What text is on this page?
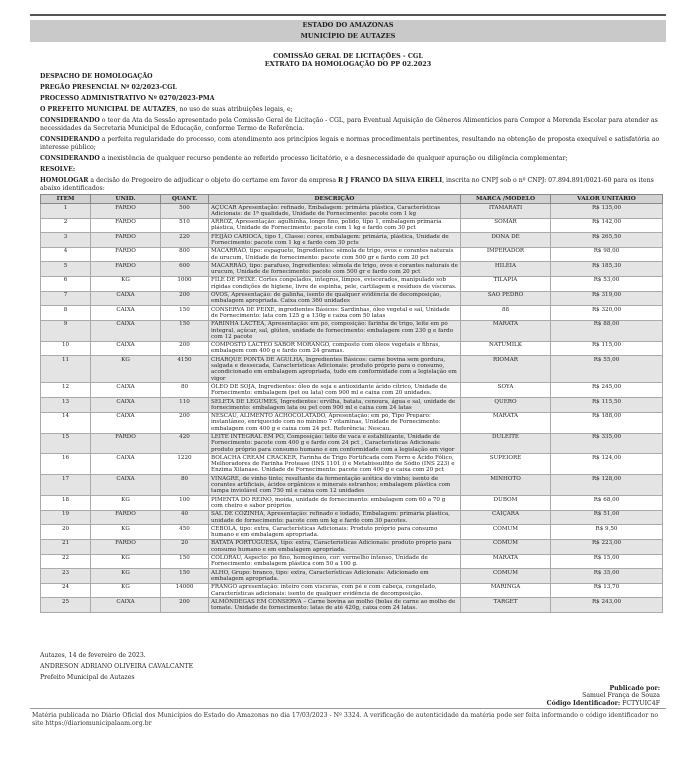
ESTADO DO AMAZONAS
MUNICÍPIO DE AUTAZES
COMISSÃO GERAL DE LICITAÇÕES - CGL
EXTRATO DA HOMOLOGAÇÃO DO PP 02.2023
DESPACHO DE HOMOLOGAÇÃO
PREGÃO PRESENCIAL Nº 02/2023-CGL
PROCESSO ADMINISTRATIVO Nº 0270/2023-PMA
O PREFEITO MUNICIPAL DE AUTAZES, no uso de suas atribuições legais, e;
CONSIDERANDO o teor da Ata da Sessão apresentado pela Comissão Geral de Licitação - CGL, para Eventual Aquisição de Gêneros Alimentícios para Compor a Merenda Escolar para atender as necessidades da Secretaria Municipal de Educação, conforme Termo de Referência.
CONSIDERANDO a perfeita regularidade do processo, com atendimento aos princípios legais e normas procedimentais pertinentes, resultando na obtenção de proposta exequível e satisfatória ao interesse público;
CONSIDERANDO a inexistência de qualquer recurso pendente ao referido processo licitatório, e a desnecessidade de qualquer apuração ou diligência complementar;
RESOLVE:
HOMOLOGAR a decisão do Pregoeiro de adjudicar o objeto do certame em favor da empresa R J FRANCO DA SILVA EIRELI, inscrita no CNPJ sob o nº CNPJ: 07.894.891/0021-60 para os itens abaixo identificados:
ITEM	UNID.	QUANT.	DESCRIÇÃO	MARCA /MODELO	VALOR UNITÁRIO
1	FARDO	500	AÇÚCAR Apresentação: refinado, Embalagem: primária plástica, Características Adicionais: de 1ª qualidade, Unidade de Fornecimento: pacote com 1 kg	ITAMARATI	R$ 135,00
2	FARDO	510	ARROZ, Apresentação: agulhinha, longo fino, polido, tipo 1, embalagem primária plástica, Unidade de Fornecimento: pacote com 1 kg e fardo com 30 pct	SOMAR	R$ 142,00
3	FARDO	220	FEIJÃO CARIOCA, tipo 1, Classe: cores, embalagem: primária, plástica, Unidade de Fornecimento: pacote com 1 kg e fardo com 30 pcts	DONA DÉ	R$ 265,50
4	FARDO	800	MACARRÃO, tipo: espaguete, Ingredientes: sêmola de trigo, ovos e corantes naturais de urucum, Unidade de fornecimento: pacote com 500 gr e fardo com 20 pct	IMPERADOR	R$ 98,00
5	FARDO	600	MACARRÃO, tipo: parafuso, Ingredientes: sêmola de trigo, ovos e corantes naturais de urucum, Unidade de fornecimento: pacote com 500 gr e fardo com 20 pct	HILÉIA	R$ 185,30
6	KG	1000	FILÉ DE PEIXE: Cortes congelados, íntegros, limpos, eviscerados, manipulado sob rígidas condições de higiene, livre de espinha, pele, cartilagem e resíduos de vísceras.	TILÁPIA	R$ 53,00
7	CAIXA	200	OVOS, Apresentação: de galinha, isento de qualquer evidência de decomposição, embalagem apropriada. Caixa com 360 unidades	SÃO PEDRO	R$ 319,00
8	CAIXA	150	CONSERVA DE PEIXE, ingredientes Básicos: Sardinhas, óleo vegetal e sal, Unidade de Fornecimento: lata com 125 g a 130g e caixa com 50 latas	88	R$ 320,00
9	CAIXA	150	FARINHA LÁCTEA, Apresentação: em pó, composição: farinha de trigo, leite em pó integral, açúcar, sal, glúten, unidade de fornecimento: embalagem com 230 g e fardo com 12 pacote	MARATÁ	R$ 88,00
10	CAIXA	200	COMPOSTO LÁCTEO SABOR MORANGO, composto com óleos vegetais e fibras, embalagem com 400 g e fardo com 24 gramas.	NATUMILK	R$ 115,00
11	KG	4150	CHARQUE PONTA DE AGULHA, Ingredientes Básicos: carne bovina sem gordura, salgada e dessecada, Características Adicionais: produto próprio para o consumo, acondicionado em embalagem apropriada, tudo em conformidade com a legislação em vigor	RIOMAR	R$ 55,00
12	CAIXA	80	ÓLEO DE SOJA, Ingredientes: óleo de soja e antioxidante ácido cítrico, Unidade de Fornecimento: embalagem (pet ou lata) com 900 ml e caixa com 20 unidades.	SOYA	R$ 245,00
13	CAIXA	110	SELETA DE LEGUMES, Ingredientes: ervilha, batata, cenoura, água e sal, unidade de fornecimento: embalagem lata ou pet com 900 ml e caixa com 24 latas	QUERO	R$ 115,50
14	CAIXA	200	NESCAU, ALIMENTO ACHOCOLATADO, Apresentação: em pó, Tipo Preparo: instantâneo, enriquecido com no mínimo 7 vitaminas, Unidade de Fornecimento: embalagem com 400 g e caixa com 24 pct. Referência: Nescau.	MARATÁ	R$ 188,00
15	FARDO	420	LEITE INTEGRAL EM PÓ, Composição: leite de vaca e estabilizante, Unidade de Fornecimento: pacote com 400 g e fardo com 24 pct , Características Adicionais: produto próprio para consumo humano e em conformidade com a legislação em vigor	DULEITE	R$ 335,00
16	CAIXA	1220	BOLACHA CREAM CRACKER, Farinha de Trigo Fortificada com Ferro e Ácido Fólico, Melhoradores de Farinha Protease (INS 1101 i) e Metabissulfito de Sódio (INS 223) e Enzima Xilanase. Unidade de Fornecimento: pacote com 400 g e caixa com 20 pct	SUPEIORE	R$ 124,00
17	CAIXA	80	VINAGRE, de vinho tinto; resultante da fermentação acética do vinho; isento de corantes artificiais, ácidos orgânicos e minerais estranhos; embalagem plástica com tampa inviolável com 750 ml e caixa com 12 unidades	MINHOTO	R$ 128,00
18	KG	100	PIMENTA DO REINO, moída, unidade de fornecimento: embalagem com 60 a 70 g com cheiro e sabor próprios	DUBOM	R$ 68,00
19	FARDO	40	SAL DE COZINHA, Apresentação: refinado e iodado, Embalagem: primária plástica, unidade de fornecimento: pacote com um kg e fardo com 30 pacotes.	CAIÇARA	R$ 51,00
20	KG	450	CEBOLA, tipo: extra, Características Adicionais: Produto próprio para consumo humano e em embalagem apropriada.	COMUM	R$ 9,50
21	FARDO	20	BATATA PORTUGUESA, tipo: extra, Características Adicionais: produto próprio para consumo humano e em embalagem apropriada.	COMUM	R$ 223,00
22	KG	150	COLORAU, Aspecto: pó fino, homogêneo, cor: vermelho intenso, Unidade de Fornecimento: embalagem plástica com 50 a 100 g.	MARATÁ	R$ 15,00
23	KG	150	ALHO, Grupo: branco, tipo: extra, Características Adicionais: Adicionado em embalagem apropriada.	COMUM	R$ 35,00
24	KG	14000	FRANGO apresentação: inteiro com vísceras, com pé e com cabeça, congelado, Características adicionais: isento de qualquer evidência de decomposição.	MARINGÁ	R$ 13,70
25	CAIXA	200	ALMÔNDEGAS EM CONSERVA – Carne bovina ao molho (bolas de carne ao molho de tomate. Unidade de fornecimento: latas de até 420g, caixa com 24 latas.	TARGET	R$ 243,00
Autazes, 14 de fevereiro de 2023.
ANDRESON ADRIANO OLIVEIRA CAVALCANTE
Prefeito Municipal de Autazes
Publicado por:
Samuel França de Souza
Código Identificador: FCTYUIC4F
Matéria publicada no Diário Oficial dos Municípios do Estado do Amazonas no dia 17/03/2023 - Nº 3324. A verificação de autenticidade da matéria pode ser feita informando o código identificador no site https://diariomunicipalaam.org.br
